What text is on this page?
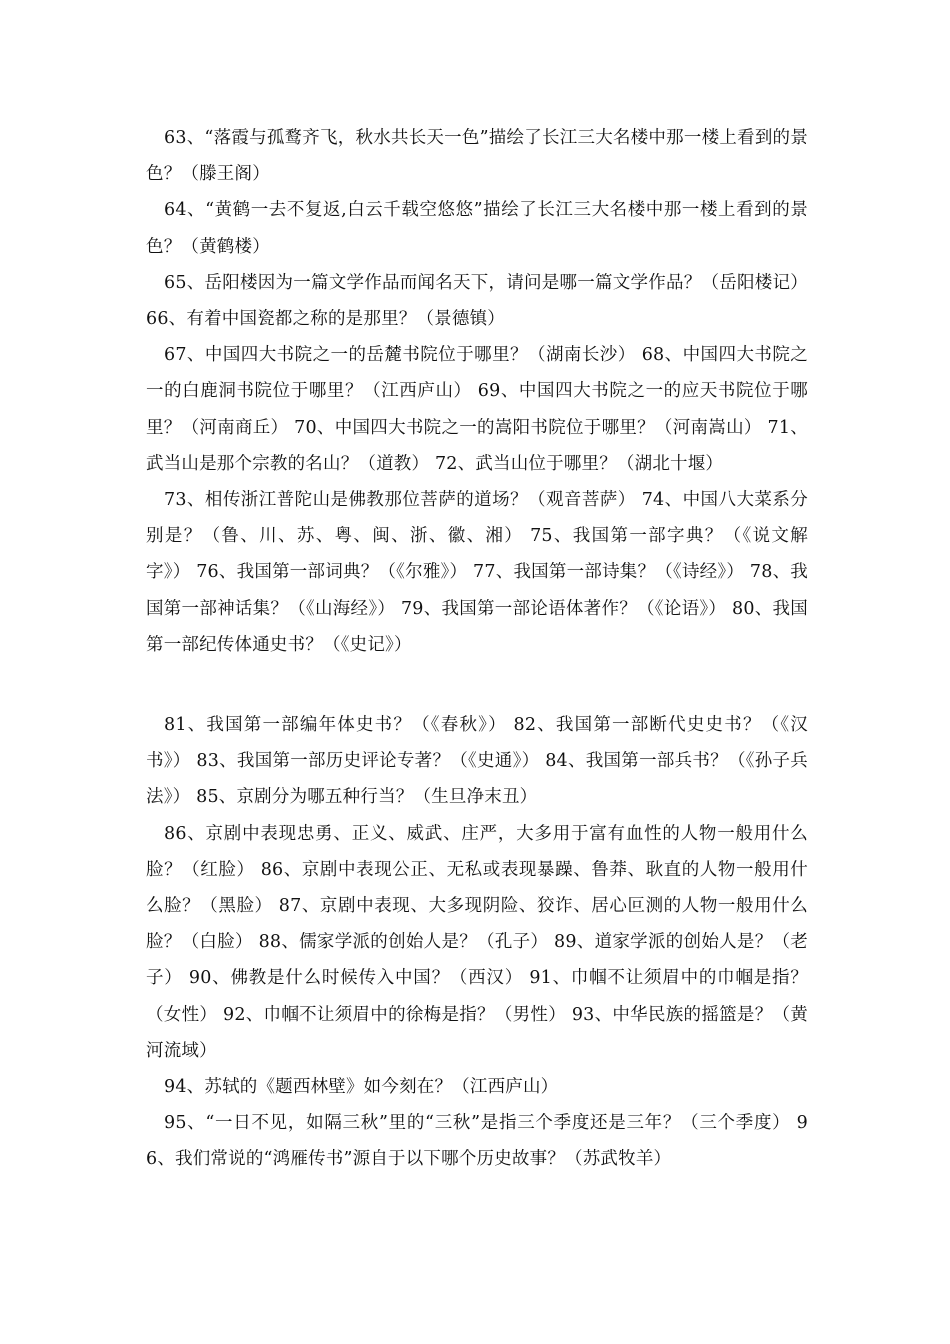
63、“落霞与孤鹜齐飞，秋水共长天一色”描绘了长江三大名楼中那一楼上看到的景色？（滕王阁）

64、“黄鹤一去不复返,白云千载空悠悠”描绘了长江三大名楼中那一楼上看到的景色？（黄鹤楼）

65、岳阳楼因为一篇文学作品而闻名天下，请问是哪一篇文学作品？（岳阳楼记） 66、有着中国瓷都之称的是那里？（景德镇）

67、中国四大书院之一的岳麓书院位于哪里？（湖南长沙） 68、中国四大书院之一的白鹿洞书院位于哪里？（江西庐山） 69、中国四大书院之一的应天书院位于哪里？（河南商丘） 70、中国四大书院之一的嵩阳书院位于哪里？（河南嵩山） 71、武当山是那个宗教的名山？（道教） 72、武当山位于哪里？（湖北十堰）

73、相传浙江普陀山是佛教那位菩萨的道场？（观音菩萨） 74、中国八大菜系分别是？（鲁、川、苏、粤、闽、浙、徽、湘） 75、我国第一部字典？（《说文解字》） 76、我国第一部词典？（《尔雅》） 77、我国第一部诗集？（《诗经》） 78、我国第一部神话集？（《山海经》） 79、我国第一部论语体著作？（《论语》） 80、我国第一部纪传体通史书？（《史记》）

81、我国第一部编年体史书？（《春秋》） 82、我国第一部断代史史书？（《汉书》） 83、我国第一部历史评论专著？（《史通》） 84、我国第一部兵书？（《孙子兵法》） 85、京剧分为哪五种行当？（生旦净末丑）

86、京剧中表现忠勇、正义、威武、庄严，大多用于富有血性的人物一般用什么脸？（红脸） 86、京剧中表现公正、无私或表现暴躁、鲁莽、耿直的人物一般用什么脸？（黑脸） 87、京剧中表现、大多现阴险、狡诈、居心叵测的人物一般用什么脸？（白脸） 88、儒家学派的创始人是？（孔子） 89、道家学派的创始人是？（老子） 90、佛教是什么时候传入中国？（西汉） 91、巾帼不让须眉中的巾帼是指？（女性） 92、巾帼不让须眉中的徐梅是指？（男性） 93、中华民族的摇篮是？（黄河流域）

94、苏轼的《题西林壁》如今刻在？（江西庐山）

95、“一日不见，如隔三秋”里的“三秋”是指三个季度还是三年？（三个季度） 96、我们常说的“鸿雁传书”源自于以下哪个历史故事？（苏武牧羊）
